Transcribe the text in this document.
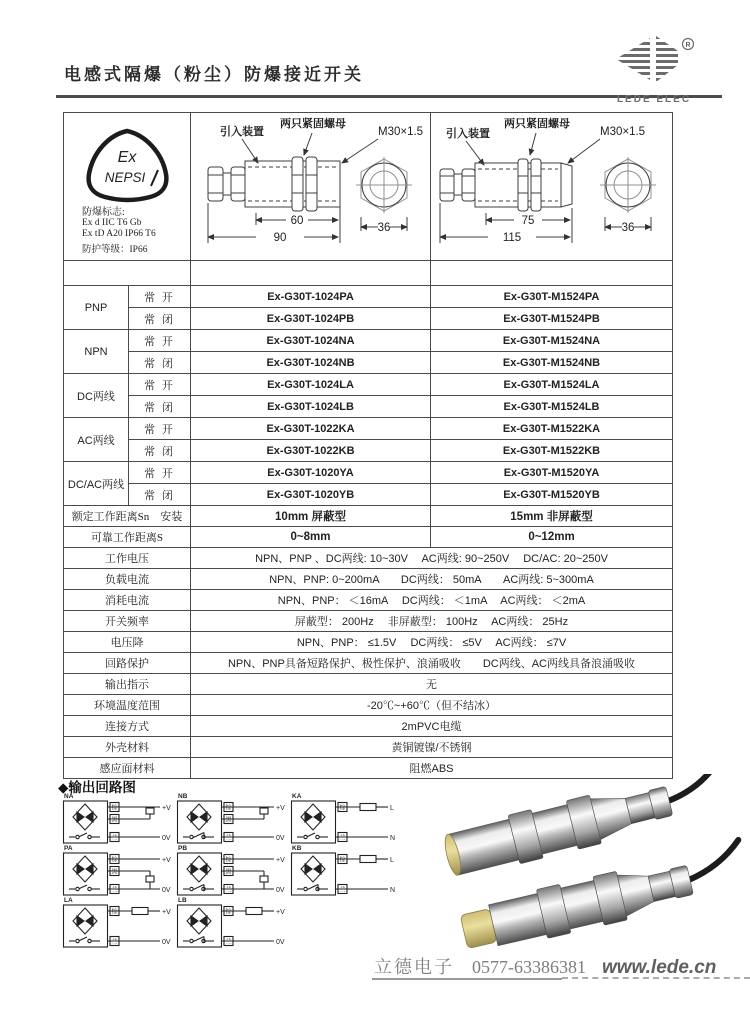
电感式隔爆（粉尘）防爆接近开关
R
LEDE ELEC
Ex
NEPSI
防爆标志:
Ex d IIC T6 Gb
Ex tD A20 IP66 T6
防护等级：IP66

引入装置
两只紧固螺母
M30×1.5
60
90
36

引入装置
两只紧固螺母
M30×1.5
75
115
36

PNP	常 开	Ex-G30T-1024PA	Ex-G30T-M1524PA
	常 闭	Ex-G30T-1024PB	Ex-G30T-M1524PB
NPN	常 开	Ex-G30T-1024NA	Ex-G30T-M1524NA
	常 闭	Ex-G30T-1024NB	Ex-G30T-M1524NB
DC两线	常 开	Ex-G30T-1024LA	Ex-G30T-M1524LA
	常 闭	Ex-G30T-1024LB	Ex-G30T-M1524LB
AC两线	常 开	Ex-G30T-1022KA	Ex-G30T-M1522KA
	常 闭	Ex-G30T-1022KB	Ex-G30T-M1522KB
DC/AC两线	常 开	Ex-G30T-1020YA	Ex-G30T-M1520YA
	常 闭	Ex-G30T-1020YB	Ex-G30T-M1520YB
额定工作距离Sn　安装		10mm 屏蔽型	15mm 非屏蔽型
可靠工作距离S		0~8mm	0~12mm
工作电压		NPN、PNP 、DC两线: 10~30V　 AC两线: 90~250V　 DC/AC: 20~250V	
负载电流		NPN、PNP: 0~200mA　　DC两线： 50mA　　AC两线: 5~300mA	
消耗电流		NPN、PNP： ＜16mA　 DC两线： ＜1mA　 AC两线： ＜2mA	
开关频率		屏蔽型： 200Hz　 非屏蔽型： 100Hz　 AC两线： 25Hz	
电压降		NPN、PNP： ≤1.5V　 DC两线： ≤5V　 AC两线： ≤7V	
回路保护		NPN、PNP具备短路保护、极性保护、浪涌吸收　　DC两线、AC两线具备浪涌吸收	
输出指示		无	
环境温度范围		-20℃~+60℃（但不结冰）	
连接方式		2mPVC电缆	
外壳材料		黄铜镀镍/不锈钢	
感应面材料		阻燃ABS	
◆输出回路图
NA
棕
黑
兰
+V
0V
NB
棕
黑
兰
+V
0V
KA
棕
兰
L
N
PA
棕
黑
兰
+V
0V
PB
棕
黑
兰
+V
0V
KB
棕
兰
L
N
LA
棕
兰
+V
0V
LB
棕
兰
+V
0V
立德电子 0577-63386381 www.lede.cn
